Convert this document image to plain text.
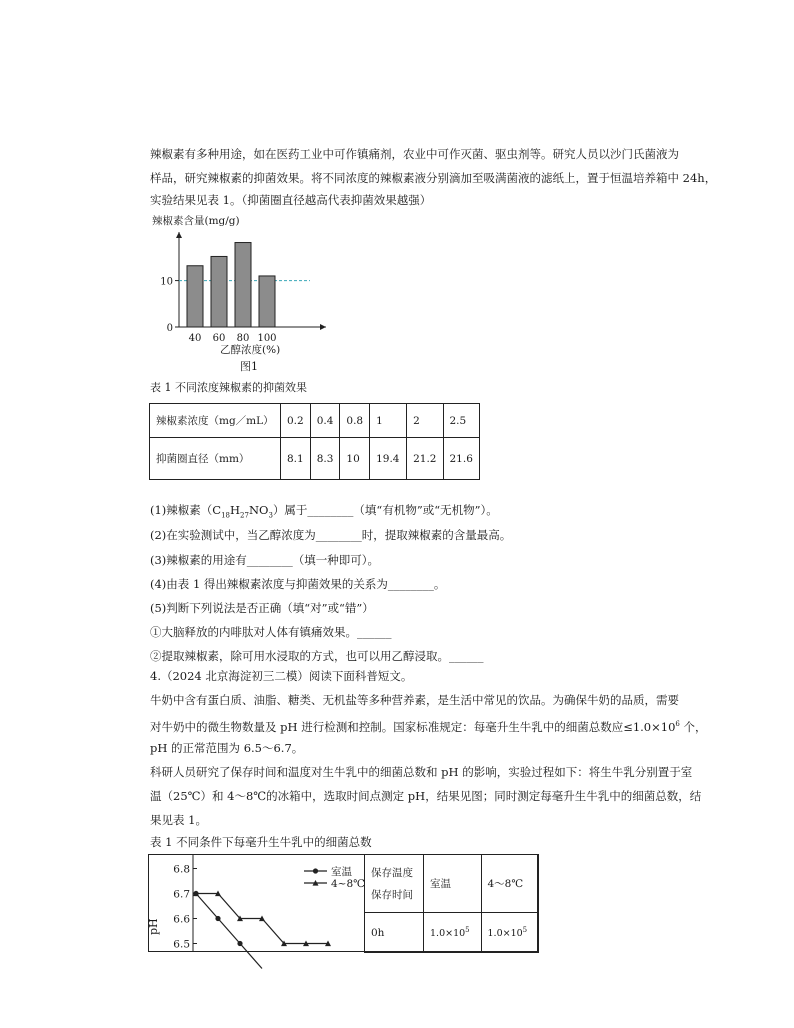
辣椒素有多种用途，如在医药工业中可作镇痛剂，农业中可作灭菌、驱虫剂等。研究人员以沙门氏菌液为
样品，研究辣椒素的抑菌效果。将不同浓度的辣椒素液分别滴加至吸满菌液的滤纸上，置于恒温培养箱中 24h，
实验结果见表 1。（抑菌圈直径越高代表抑菌效果越强）
辣椒素含量(mg/g)
乙醇浓度(%)
图1
0
10
40 60 80 100
表 1 不同浓度辣椒素的抑菌效果
辣椒素浓度（mg／mL）	0.2	0.4	0.8	1	2	2.5
抑菌圈直径（mm）	8.1	8.3	10	19.4	21.2	21.6
(1)辣椒素$(C_{18}H_{27}NO_3)$属于________（填“有机物”或“无机物”）。
(2)在实验测试中，当乙醇浓度为________时，提取辣椒素的含量最高。
(3)辣椒素的用途有________（填一种即可）。
(4)由表 1 得出辣椒素浓度与抑菌效果的关系为________。
(5)判断下列说法是否正确（填“对”或“错”）
①大脑释放的内啡肽对人体有镇痛效果。______
②提取辣椒素，除可用水浸取的方式，也可以用乙醇浸取。______
4.（2024 北京海淀初三二模）阅读下面科普短文。
牛奶中含有蛋白质、油脂、糖类、无机盐等多种营养素，是生活中常见的饮品。为确保牛奶的品质，需要
对牛奶中的微生物数量及 pH 进行检测和控制。国家标准规定：每毫升生牛乳中的细菌总数应$\le 1.0\times 10^6$ 个，
pH 的正常范围为 6.5～6.7。
科研人员研究了保存时间和温度对生牛乳中的细菌总数和 pH 的影响，实验过程如下：将生牛乳分别置于室
温（25℃）和 4～8℃的冰箱中，选取时间点测定 pH，结果见图；同时测定每毫升生牛乳中的细菌总数，结
果见表 1。
表 1 不同条件下每毫升生牛乳中的细菌总数
pH
6.5
6.6
6.7
6.8	室温
4~8℃
保存温度
保存时间	室温	4～8℃
0h	$1.0\times 10^5$	$1.0\times 10^5$
